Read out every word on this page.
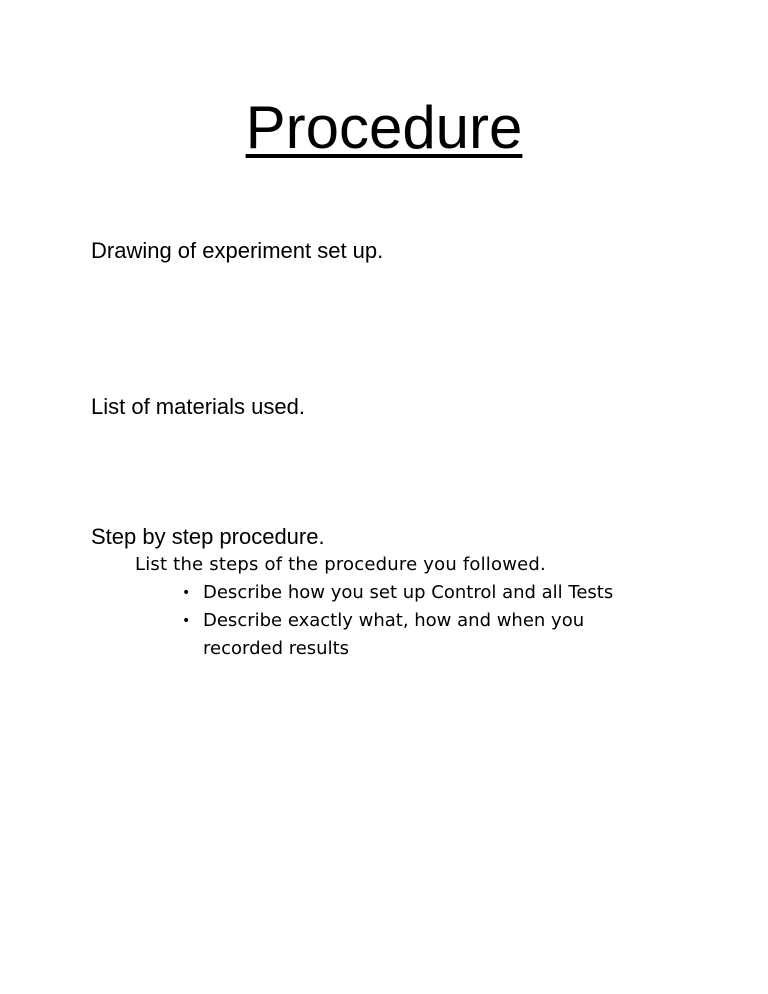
Procedure
Drawing of experiment set up.
List of materials used.
Step by step procedure.
List the steps of the procedure you followed.
• Describe how you set up Control and all Tests
• Describe exactly what, how and when you recorded results
